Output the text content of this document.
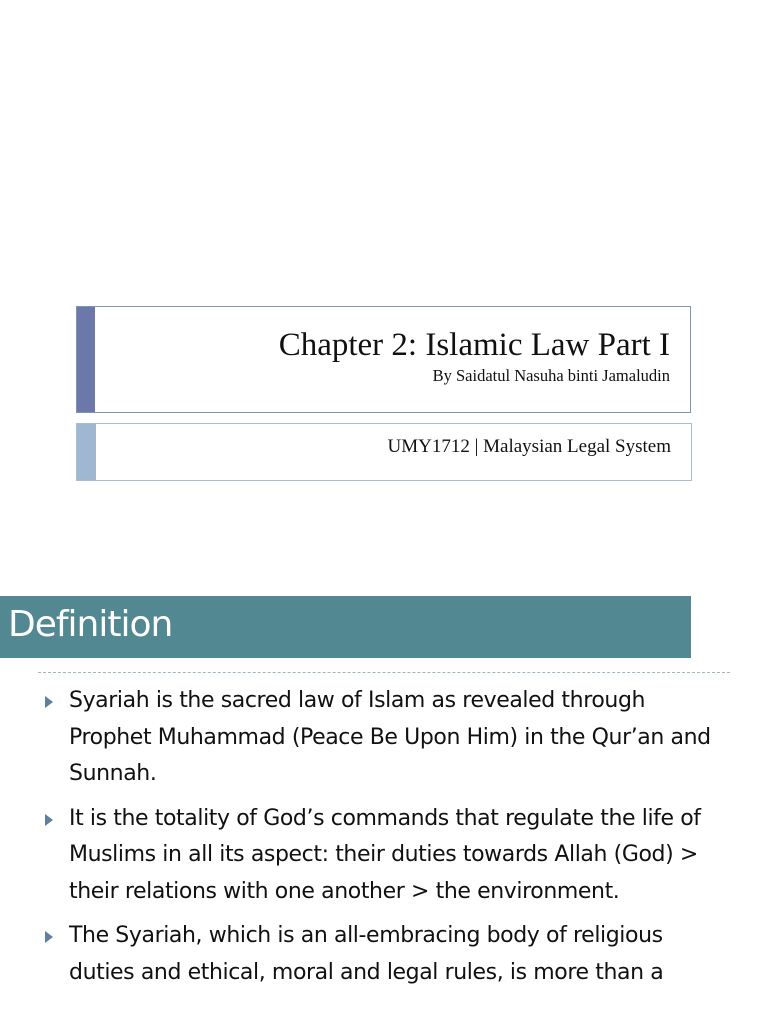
Chapter 2: Islamic Law Part I
By Saidatul Nasuha binti Jamaludin
UMY1712 | Malaysian Legal System
Definition
Syariah is the sacred law of Islam as revealed through Prophet Muhammad (Peace Be Upon Him) in the Qur’an and Sunnah.
It is the totality of God’s commands that regulate the life of Muslims in all its aspect: their duties towards Allah (God) > their relations with one another > the environment.
The Syariah, which is an all-embracing body of religious duties and ethical, moral and legal rules, is more than a
